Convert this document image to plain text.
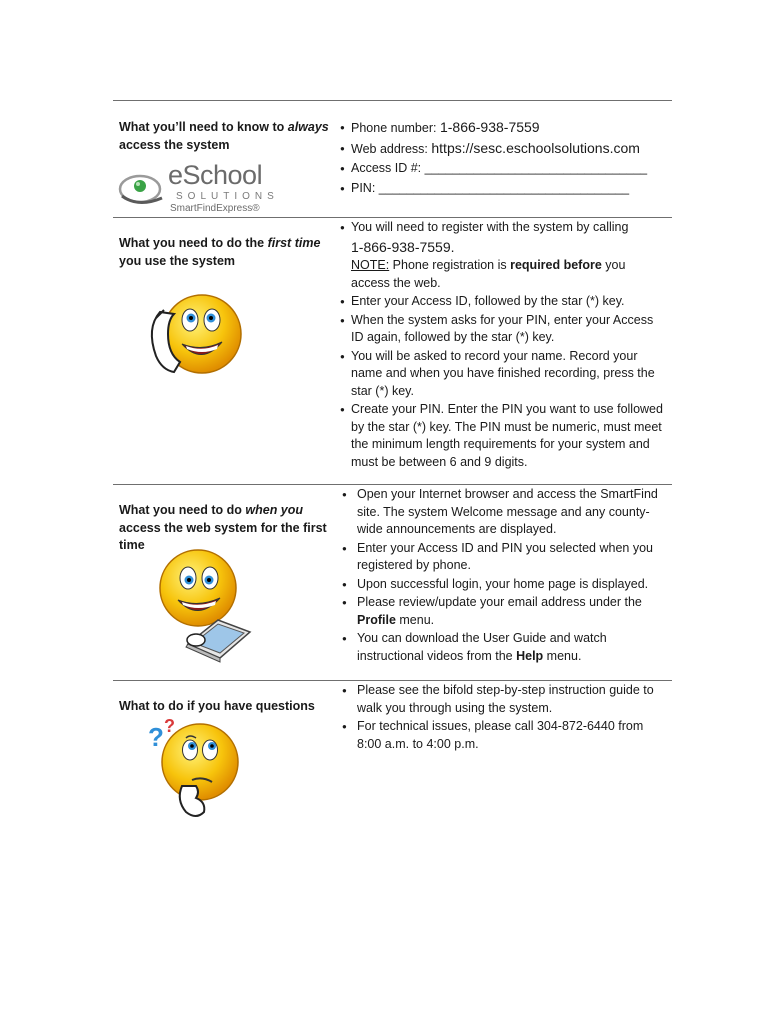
What you’ll need to know to always access the system
eSchool
SOLUTIONS
SmartFindExpress®
● Phone number: 1-866-938-7559
● Web address: https://sesc.eschoolsolutions.com
● Access ID #: ________________________________
● PIN: ____________________________________
What you need to do the first time you use the system
● You will need to register with the system by calling
1-866-938-7559.
NOTE: Phone registration is required before you access the web.
● Enter your Access ID, followed by the star (*) key.
● When the system asks for your PIN, enter your Access ID again, followed by the star (*) key.
● You will be asked to record your name. Record your name and when you have finished recording, press the star (*) key.
● Create your PIN. Enter the PIN you want to use followed by the star (*) key. The PIN must be numeric, must meet the minimum length requirements for your system and must be between 6 and 9 digits.
What you need to do when you access the web system for the first time
● Open your Internet browser and access the SmartFind site. The system Welcome message and any county-wide announcements are displayed.
● Enter your Access ID and PIN you selected when you registered by phone.
● Upon successful login, your home page is displayed.
● Please review/update your email address under the Profile menu.
● You can download the User Guide and watch instructional videos from the Help menu.
What to do if you have questions
? ?
● Please see the bifold step-by-step instruction guide to walk you through using the system.
● For technical issues, please call 304-872-6440 from 8:00 a.m. to 4:00 p.m.
